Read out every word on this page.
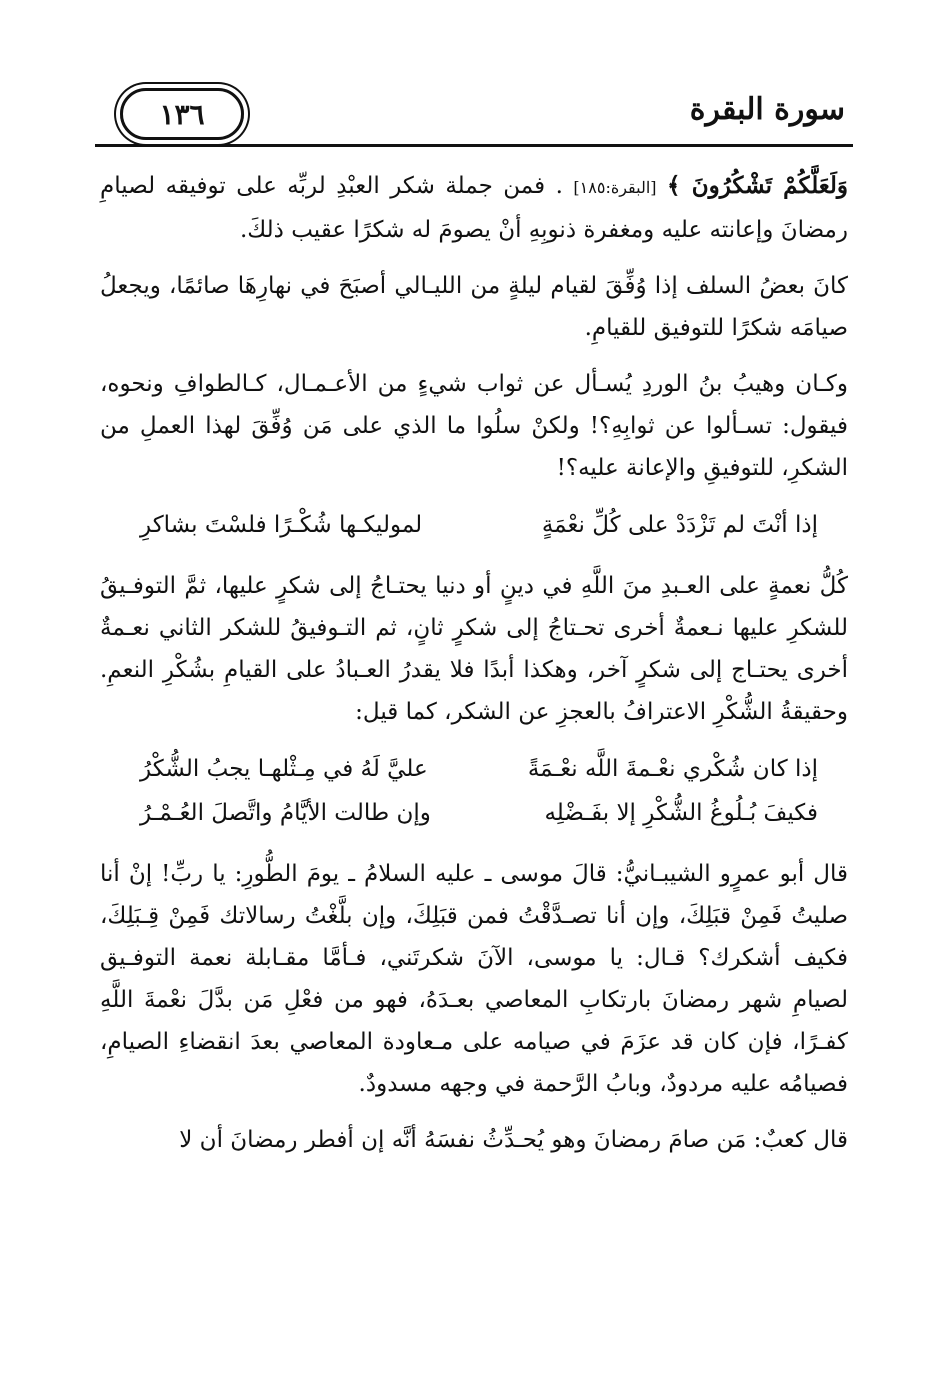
١٣٦	سورة البقرة

وَلَعَلَّكُمْ تَشْكُرُونَ ﴾ [البقرة:١٨٥] . فمن جملة شكر العبْدِ لربِّه على توفيقه لصيامِ رمضانَ وإعانته عليه ومغفرة ذنوبِهِ أنْ يصومَ له شكرًا عقيب ذلكَ.

كانَ بعضُ السلف إذا وُفِّقَ لقيام ليلةٍ من الليـالي أصبَحَ في نهارِهَا صائمًا، ويجعلُ صيامَه شكرًا للتوفيق للقيامِ.

وكـان وهيبُ بنُ الوردِ يُسـأل عن ثواب شيءٍ من الأعـمـال، كـالطوافِ ونحوه، فيقول: تسـألوا عن ثوابِهِ؟! ولكنْ سلُوا ما الذي على مَن وُفِّقَ لهذا العملِ من الشكرِ، للتوفيقِ والإعانة عليه؟!

إذا أنْتَ لم تَزْدَدْ على كُلِّ نعْمَةٍ
لموليكـها شُكْـرًا فلسْتَ بشاكرِ

كُلُّ نعمةٍ على العـبدِ منَ اللَّهِ في دينٍ أو دنيا يحتـاجُ إلى شكرٍ عليها، ثمَّ التوفـيقُ للشكرِ عليها نـعمةٌ أخرى تحـتاجُ إلى شكرٍ ثانٍ، ثم التـوفيقُ للشكر الثاني نعـمةٌ أخرى يحتـاج إلى شكرٍ آخر، وهكذا أبدًا فلا يقدرُ العـبادُ على القيامِ بشُكْرِ النعمِ. وحقيقةُ الشُّكْرِ الاعترافُ بالعجزِ عن الشكر، كما قيل:

إذا كان شُكْري نعْـمةَ اللَّه نعْـمَةً
عليَّ لَهُ في مِـثْلهـا يجبُ الشُّكْرُ
فكيفَ بُـلُوغُ الشُّكْرِ إلا بفَـضْلِه
وإن طالت الأيَّامُ واتَّصلَ العُـمْـرُ

قال أبو عمرٍو الشيبـانيُّ: قالَ موسى ـ عليه السلامُ ـ يومَ الطُّورِ: يا ربِّ! إنْ أنا صليتُ فَمِنْ قبَلِكَ، وإن أنا تصـدَّقْتُ فمن قبَلِكَ، وإن بلَّغْتُ رسالاتك فَمِنْ قِـبَلِكَ، فكيف أشكرك؟ قـال: يا موسى، الآنَ شكرتَني، فـأمَّا مقـابلة نعمة التوفـيق لصيامِ شهر رمضانَ بارتكابِ المعاصي بعـدَهُ، فهو من فعْلِ مَن بدَّلَ نعْمةَ اللَّهِ كفـرًا، فإن كان قد عزَمَ في صيامه على مـعاودة المعاصي بعدَ انقضاءِ الصيامِ، فصيامُه عليه مردودٌ، وبابُ الرَّحمة في وجهه مسدودٌ.

قال كعبٌ: مَن صامَ رمضانَ وهو يُحـدِّثُ نفسَهُ أنَّه إن أفطر رمضانَ أن لا
